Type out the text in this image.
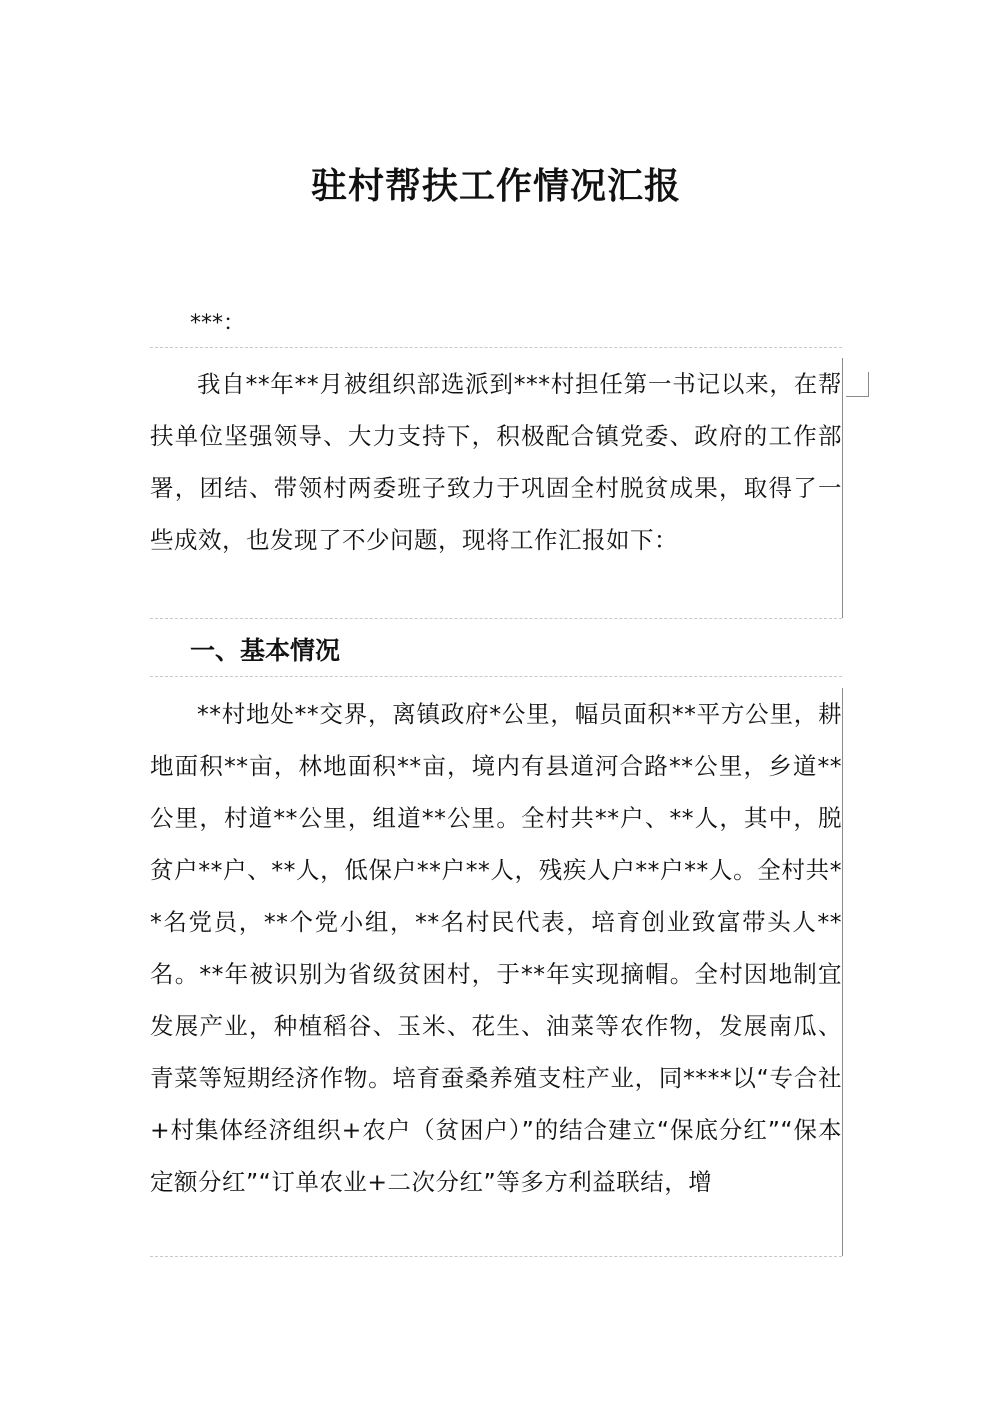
驻村帮扶工作情况汇报

***：

我自**年**月被组织部选派到***村担任第一书记以来，在帮扶单位坚强领导、大力支持下，积极配合镇党委、政府的工作部署，团结、带领村两委班子致力于巩固全村脱贫成果，取得了一些成效，也发现了不少问题，现将工作汇报如下：

一、基本情况

**村地处**交界，离镇政府*公里，幅员面积**平方公里，耕地面积**亩，林地面积**亩，境内有县道河合路**公里，乡道**公里，村道**公里，组道**公里。全村共**户、**人，其中，脱贫户**户、**人，低保户**户**人，残疾人户**户**人。全村共**名党员，**个党小组，**名村民代表，培育创业致富带头人**名。**年被识别为省级贫困村，于**年实现摘帽。全村因地制宜发展产业，种植稻谷、玉米、花生、油菜等农作物，发展南瓜、青菜等短期经济作物。培育蚕桑养殖支柱产业，同****以“专合社+村集体经济组织+农户（贫困户）”的结合建立“保底分红”“保本定额分红”“订单农业+二次分红”等多方利益联结，增
